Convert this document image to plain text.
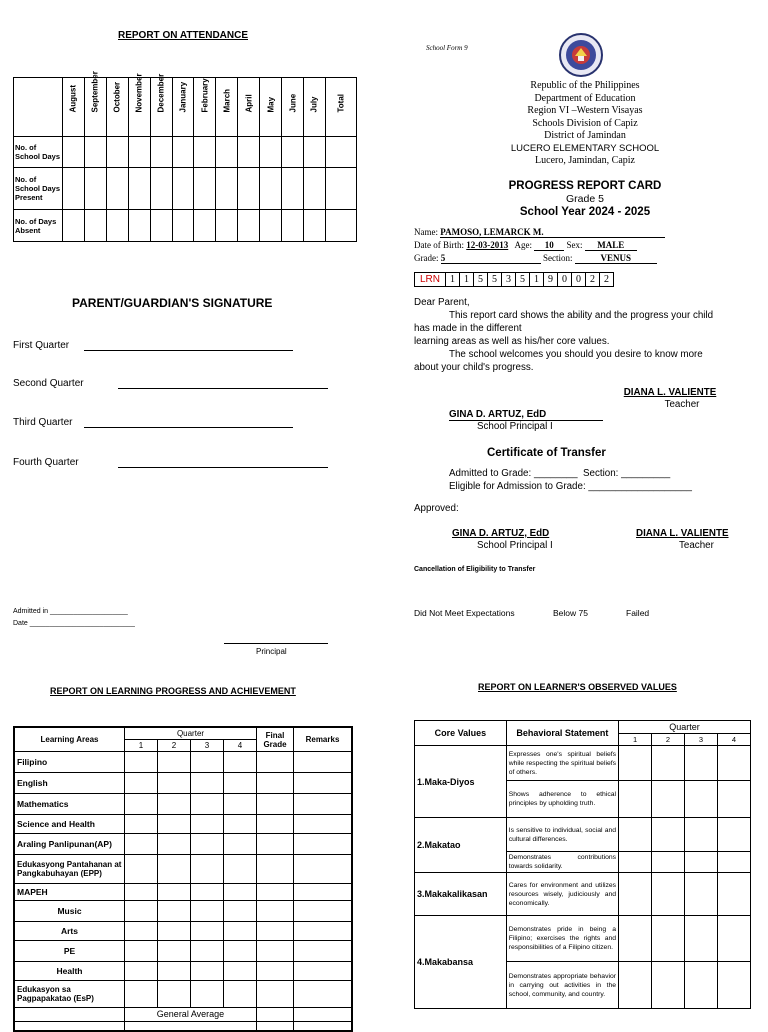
REPORT ON ATTENDANCE

	August	September	October	November	December	January	February	March	April	May	June	July	Total

No. of School Days													
No. of School Days Present													
No. of Days Absent													
PARENT/GUARDIAN'S SIGNATURE
First Quarter
Second Quarter
Third Quarter
Fourth Quarter
Admitted in ____________________
Date ___________________________
Principal
School Form 9
Republic of the Philippines
Department of Education
Region VI –Western Visayas
Schools Division of Capiz
District of Jamindan
LUCERO ELEMENTARY SCHOOL
Lucero, Jamindan, Capiz
PROGRESS REPORT CARD
Grade 5
School Year 2024 - 2025
Name: PAMOSO, LEMARCK M.
Date of Birth: 12-03-2013 Age: 10 Sex: MALE
Grade: 5	Section:	VENUS
LRN	1	1	5	5	3	5	1	9	0	0	2	2
Dear Parent,
This report card shows the ability and the progress your child
has made in the different
learning areas as well as his/her core values.
The school welcomes you should you desire to know more
about your child's progress.
DIANA L. VALIENTE
Teacher
GINA D. ARTUZ, EdD
School Principal I
Certificate of Transfer
Admitted to Grade: ________  Section: _________
Eligible for Admission to Grade: ___________________
Approved:
GINA D. ARTUZ, EdD
School Principal I
DIANA L. VALIENTE
Teacher
Cancellation of Eligibility to Transfer
Did Not Meet Expectations	Below 75	Failed
REPORT ON LEARNING PROGRESS AND ACHIEVEMENT
Learning Areas	Quarter				Final Grade	Remarks
	1	2	3	4		
Filipino						
English						
Mathematics						
Science and Health						
Araling Panlipunan(AP)						
Edukasyong Pantahanan at Pangkabuhayan (EPP)						
MAPEH						
Music						
Arts						
PE						
Health						
Edukasyon sa Pagpapakatao (EsP)						
	General Average					
REPORT ON LEARNER'S OBSERVED VALUES
Core Values	Behavioral Statement	Quarter			
		1	2	3	4
1.Maka-Diyos	Expresses one's spiritual beliefs while respecting the spiritual beliefs of others.				
	Shows adherence to ethical principles by upholding truth.				
2.Makatao	Is sensitive to individual, social and cultural differences.				
	Demonstrates contributions towards solidarity.				
3.Makakalikasan	Cares for environment and utilizes resources wisely, judiciously and economically.				
4.Makabansa	Demonstrates pride in being a Filipino; exercises the rights and responsibilities of a Filipino citizen.				
	Demonstrates appropriate behavior in carrying out activities in the school, community, and country.				
